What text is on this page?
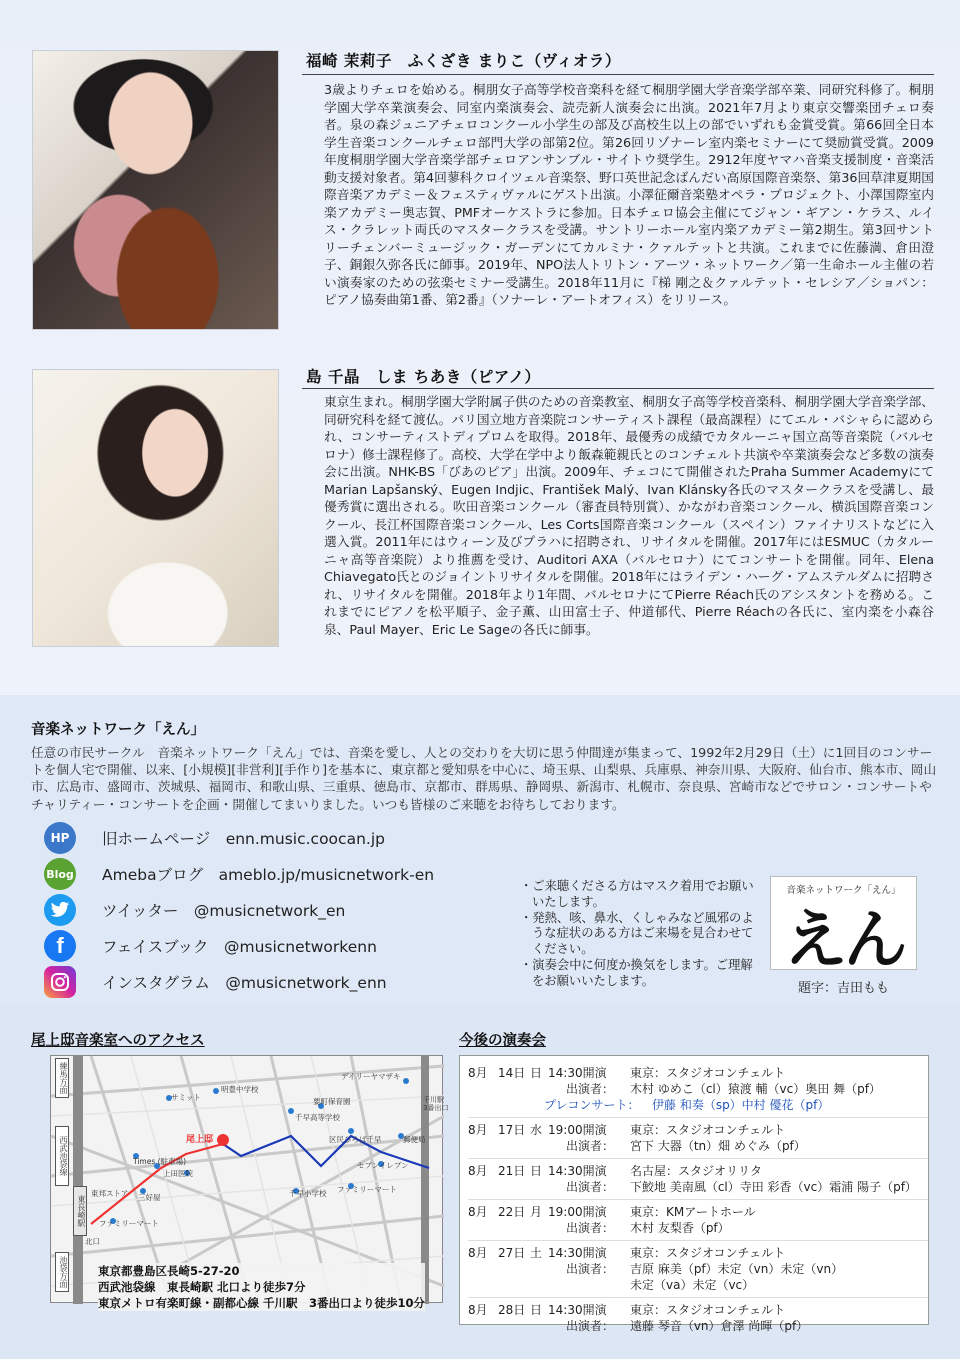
福崎 茉莉子　ふくざき まりこ（ヴィオラ）
3歳よりチェロを始める。桐朋女子高等学校音楽科を経て桐朋学園大学音楽学部卒業、同研究科修了。桐朋学園大学卒業演奏会、同室内楽演奏会、読売新人演奏会に出演。2021年7月より東京交響楽団チェロ奏者。泉の森ジュニアチェロコンクール小学生の部及び高校生以上の部でいずれも金賞受賞。第66回全日本学生音楽コンクールチェロ部門大学の部第2位。第26回リゾナーレ室内楽セミナーにて奨励賞受賞。2009年度桐朋学園大学音楽学部チェロアンサンブル・サイトウ奨学生。2912年度ヤマハ音楽支援制度・音楽活動支援対象者。第4回蓼科クロイツェル音楽祭、野口英世記念ばんだい高原国際音楽祭、第36回草津夏期国際音楽アカデミー＆フェスティヴァルにゲスト出演。小澤征爾音楽塾オペラ・プロジェクト、小澤国際室内楽アカデミー奥志賀、PMFオーケストラに参加。日本チェロ協会主催にてジャン・ギアン・ケラス、ルイス・クラレット両氏のマスタークラスを受講。サントリーホール室内楽アカデミー第2期生。第3回サントリーチェンバーミュージック・ガーデンにてカルミナ・クァルテットと共演。これまでに佐藤満、倉田澄子、銅銀久弥各氏に師事。2019年、NPO法人トリトン・アーツ・ネットワーク／第一生命ホール主催の若い演奏家のための弦楽セミナー受講生。2018年11月に『梯 剛之＆クァルテット・セレシア／ショパン：ピアノ協奏曲第1番、第2番』（ソナーレ・アートオフィス）をリリース。
島 千晶　しま ちあき（ピアノ）
東京生まれ。桐朋学園大学附属子供のための音楽教室、桐朋女子高等学校音楽科、桐朋学園大学音楽学部、同研究科を経て渡仏。パリ国立地方音楽院コンサーティスト課程（最高課程）にてエル・バシャらに認められ、コンサーティストディプロムを取得。2018年、最優秀の成績でカタルーニャ国立高等音楽院（バルセロナ）修士課程修了。高校、大学在学中より飯森範親氏とのコンチェルト共演や卒業演奏会など多数の演奏会に出演。NHK-BS「びあのピア」出演。2009年、チェコにて開催されたPraha Summer AcademyにてMarian Lapšanský、Eugen Indjic、František Malý、Ivan Klánsky各氏のマスタークラスを受講し、最優秀賞に選出される。吹田音楽コンクール（審査員特別賞）、かながわ音楽コンクール、横浜国際音楽コンクール、長江杯国際音楽コンクール、Les Corts国際音楽コンクール（スペイン）ファイナリストなどに入選入賞。2011年にはウィーン及びプラハに招聘され、リサイタルを開催。2017年にはESMUC（カタルーニャ高等音楽院）より推薦を受け、Auditori AXA（バルセロナ）にてコンサートを開催。同年、Elena Chiavegato氏とのジョイントリサイタルを開催。2018年にはライデン・ハーグ・アムステルダムに招聘され、リサイタルを開催。2018年より1年間、バルセロナにてPierre Réach氏のアシスタントを務める。これまでにピアノを松平順子、金子薫、山田富士子、仲道郁代、Pierre Réachの各氏に、室内楽を小森谷泉、Paul Mayer、Eric Le Sageの各氏に師事。
音楽ネットワーク「えん」
任意の市民サークル　音楽ネットワーク「えん」では、音楽を愛し、人との交わりを大切に思う仲間達が集まって、1992年2月29日（土）に1回目のコンサートを個人宅で開催、以来、[小規模][非営利][手作り]を基本に、東京都と愛知県を中心に、埼玉県、山梨県、兵庫県、神奈川県、大阪府、仙台市、熊本市、岡山市、広島市、盛岡市、茨城県、福岡市、和歌山県、三重県、徳島市、京都市、群馬県、静岡県、新潟市、札幌市、奈良県、宮崎市などでサロン・コンサートやチャリティー・コンサートを企画・開催してまいりました。いつも皆様のご来聴をお待ちしております。
HP	旧ホームページ　enn.music.coocan.jp
Blog Amebaブログ　ameblo.jp/musicnetwork-en
ツイッター　@musicnetwork_en
f	フェイスブック　@musicnetworkenn
インスタグラム　@musicnetwork_enn
・ご来聴くださる方はマスク着用でお願いいたします。
・発熱、咳、鼻水、くしゃみなど風邪のような症状のある方はご来場を見合わせてください。
・演奏会中に何度か換気をします。ご理解をお願いいたします。
音楽ネットワーク「えん」
えん
題字：吉田もも
尾上邸音楽室へのアクセス
尾上邸
サミット
明豊中学校
千早高等学校
要町保育園
デイリーヤマザキ
Times (駐車場)
上田医院
東邦ストア 三好屋
ファミリーマート
区民ひろば千早	郵便局
セブンイレブン
千早小学校 ファミリーマート
北口
千川駅
3番出口
練馬方面
西武池袋線
東長崎駅
池袋方面	東京都豊島区長崎5-27-20
西武池袋線　東長崎駅 北口より徒歩7分
東京メトロ有楽町線・副都心線 千川駅　3番出口より徒歩10分
今後の演奏会
8月 14日 日 14:30開演	東京：スタジオコンチェルト
出演者：	木村 ゆめこ（cl）猿渡 輔（vc）奥田 舞（pf）
プレコンサート：	伊藤 和奏（sp）中村 優花（pf）
8月 17日 水 19:00開演	東京：スタジオコンチェルト
出演者：	宮下 大器（tn）畑 めぐみ（pf）
8月 21日 日 14:30開演	名古屋：スタジオリリタ
出演者：	下鮫地 美南風（cl）寺田 彩香（vc）霜浦 陽子（pf）
8月 22日 月 19:00開演	東京：KMアートホール
出演者：	木村 友梨香（pf）
8月 27日 土 14:30開演	東京：スタジオコンチェルト
出演者：	吉原 麻美（pf）未定（vn）未定（vn）
未定（va）未定（vc）
8月 28日 日 14:30開演	東京：スタジオコンチェルト
出演者：	遠藤 琴音（vn）倉澤 尚暉（pf）
